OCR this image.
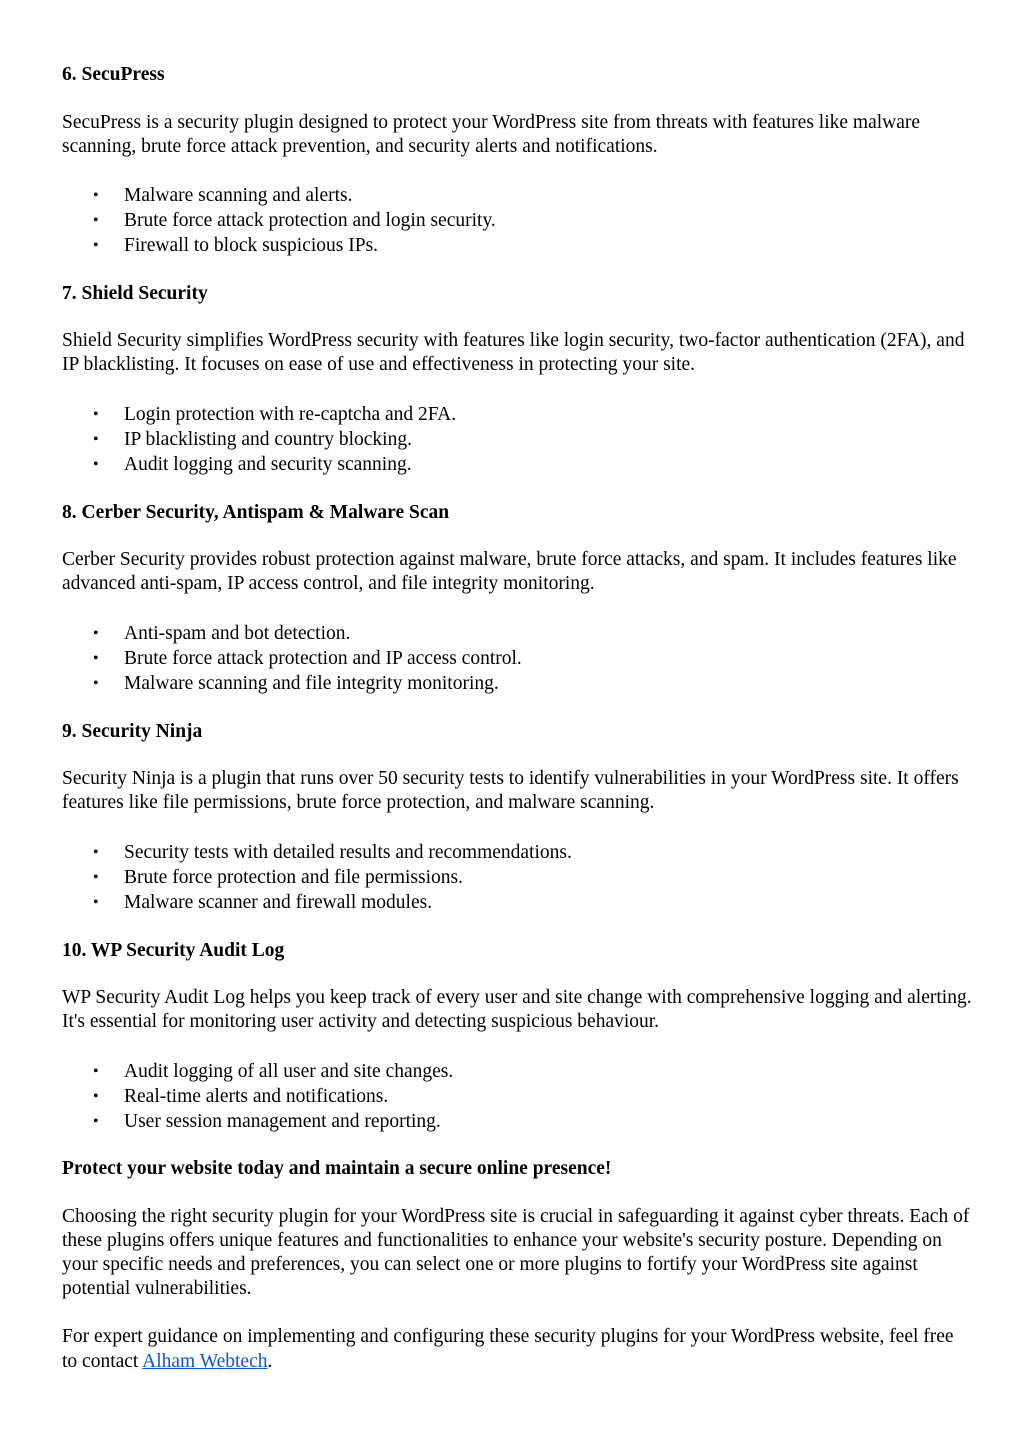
6. SecuPress

SecuPress is a security plugin designed to protect your WordPress site from threats with features like malware scanning, brute force attack prevention, and security alerts and notifications.

• Malware scanning and alerts.
• Brute force attack protection and login security.
• Firewall to block suspicious IPs.
7. Shield Security

Shield Security simplifies WordPress security with features like login security, two-factor authentication (2FA), and IP blacklisting. It focuses on ease of use and effectiveness in protecting your site.

• Login protection with re-captcha and 2FA.
• IP blacklisting and country blocking.
• Audit logging and security scanning.
8. Cerber Security, Antispam & Malware Scan

Cerber Security provides robust protection against malware, brute force attacks, and spam. It includes features like advanced anti-spam, IP access control, and file integrity monitoring.

• Anti-spam and bot detection.
• Brute force attack protection and IP access control.
• Malware scanning and file integrity monitoring.
9. Security Ninja

Security Ninja is a plugin that runs over 50 security tests to identify vulnerabilities in your WordPress site. It offers features like file permissions, brute force protection, and malware scanning.

• Security tests with detailed results and recommendations.
• Brute force protection and file permissions.
• Malware scanner and firewall modules.
10. WP Security Audit Log

WP Security Audit Log helps you keep track of every user and site change with comprehensive logging and alerting. It's essential for monitoring user activity and detecting suspicious behaviour.

• Audit logging of all user and site changes.
• Real-time alerts and notifications.
• User session management and reporting.
Protect your website today and maintain a secure online presence!

Choosing the right security plugin for your WordPress site is crucial in safeguarding it against cyber threats. Each of these plugins offers unique features and functionalities to enhance your website's security posture. Depending on your specific needs and preferences, you can select one or more plugins to fortify your WordPress site against potential vulnerabilities.

For expert guidance on implementing and configuring these security plugins for your WordPress website, feel free to contact Alham Webtech.
